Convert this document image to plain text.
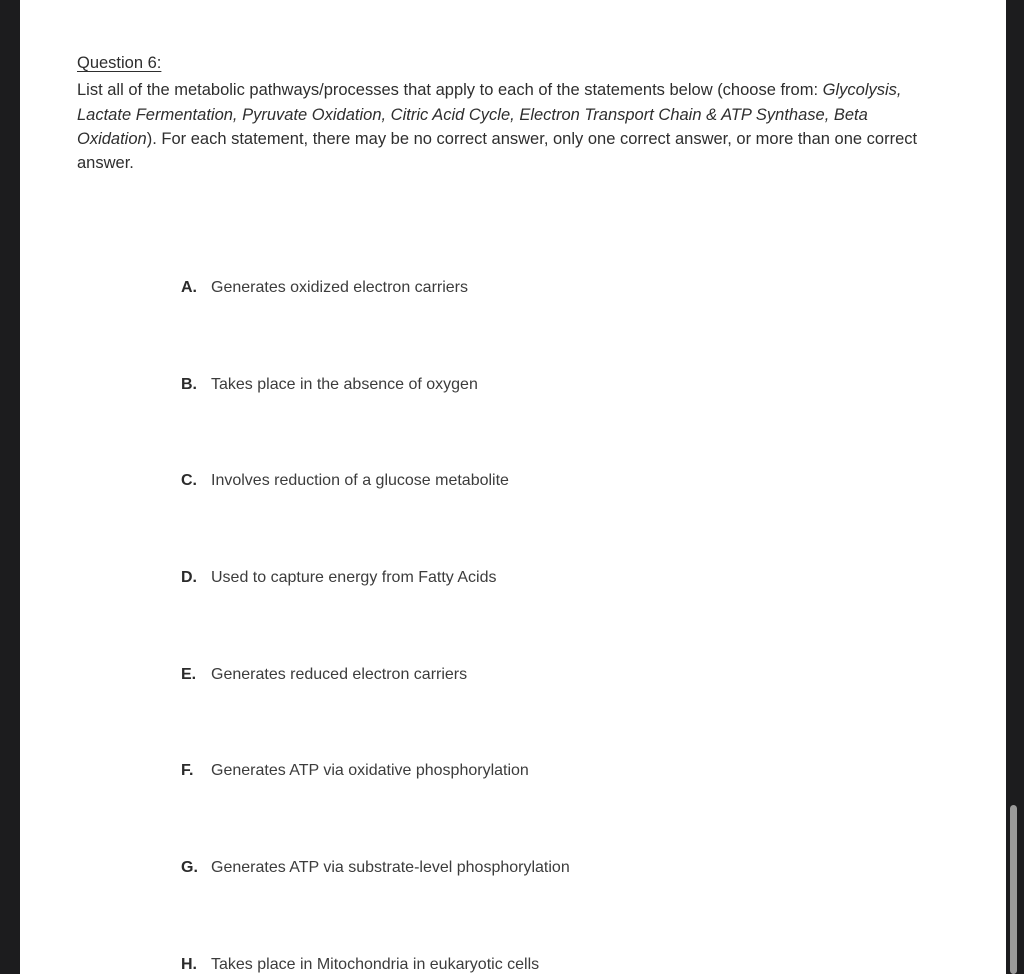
Question 6:

List all of the metabolic pathways/processes that apply to each of the statements below (choose from: Glycolysis, Lactate Fermentation, Pyruvate Oxidation, Citric Acid Cycle, Electron Transport Chain & ATP Synthase, Beta Oxidation). For each statement, there may be no correct answer, only one correct answer, or more than one correct answer.

A. Generates oxidized electron carriers
B. Takes place in the absence of oxygen
C. Involves reduction of a glucose metabolite
D. Used to capture energy from Fatty Acids
E. Generates reduced electron carriers
F.	Generates ATP via oxidative phosphorylation
G. Generates ATP via substrate-level phosphorylation
H. Takes place in Mitochondria in eukaryotic cells
